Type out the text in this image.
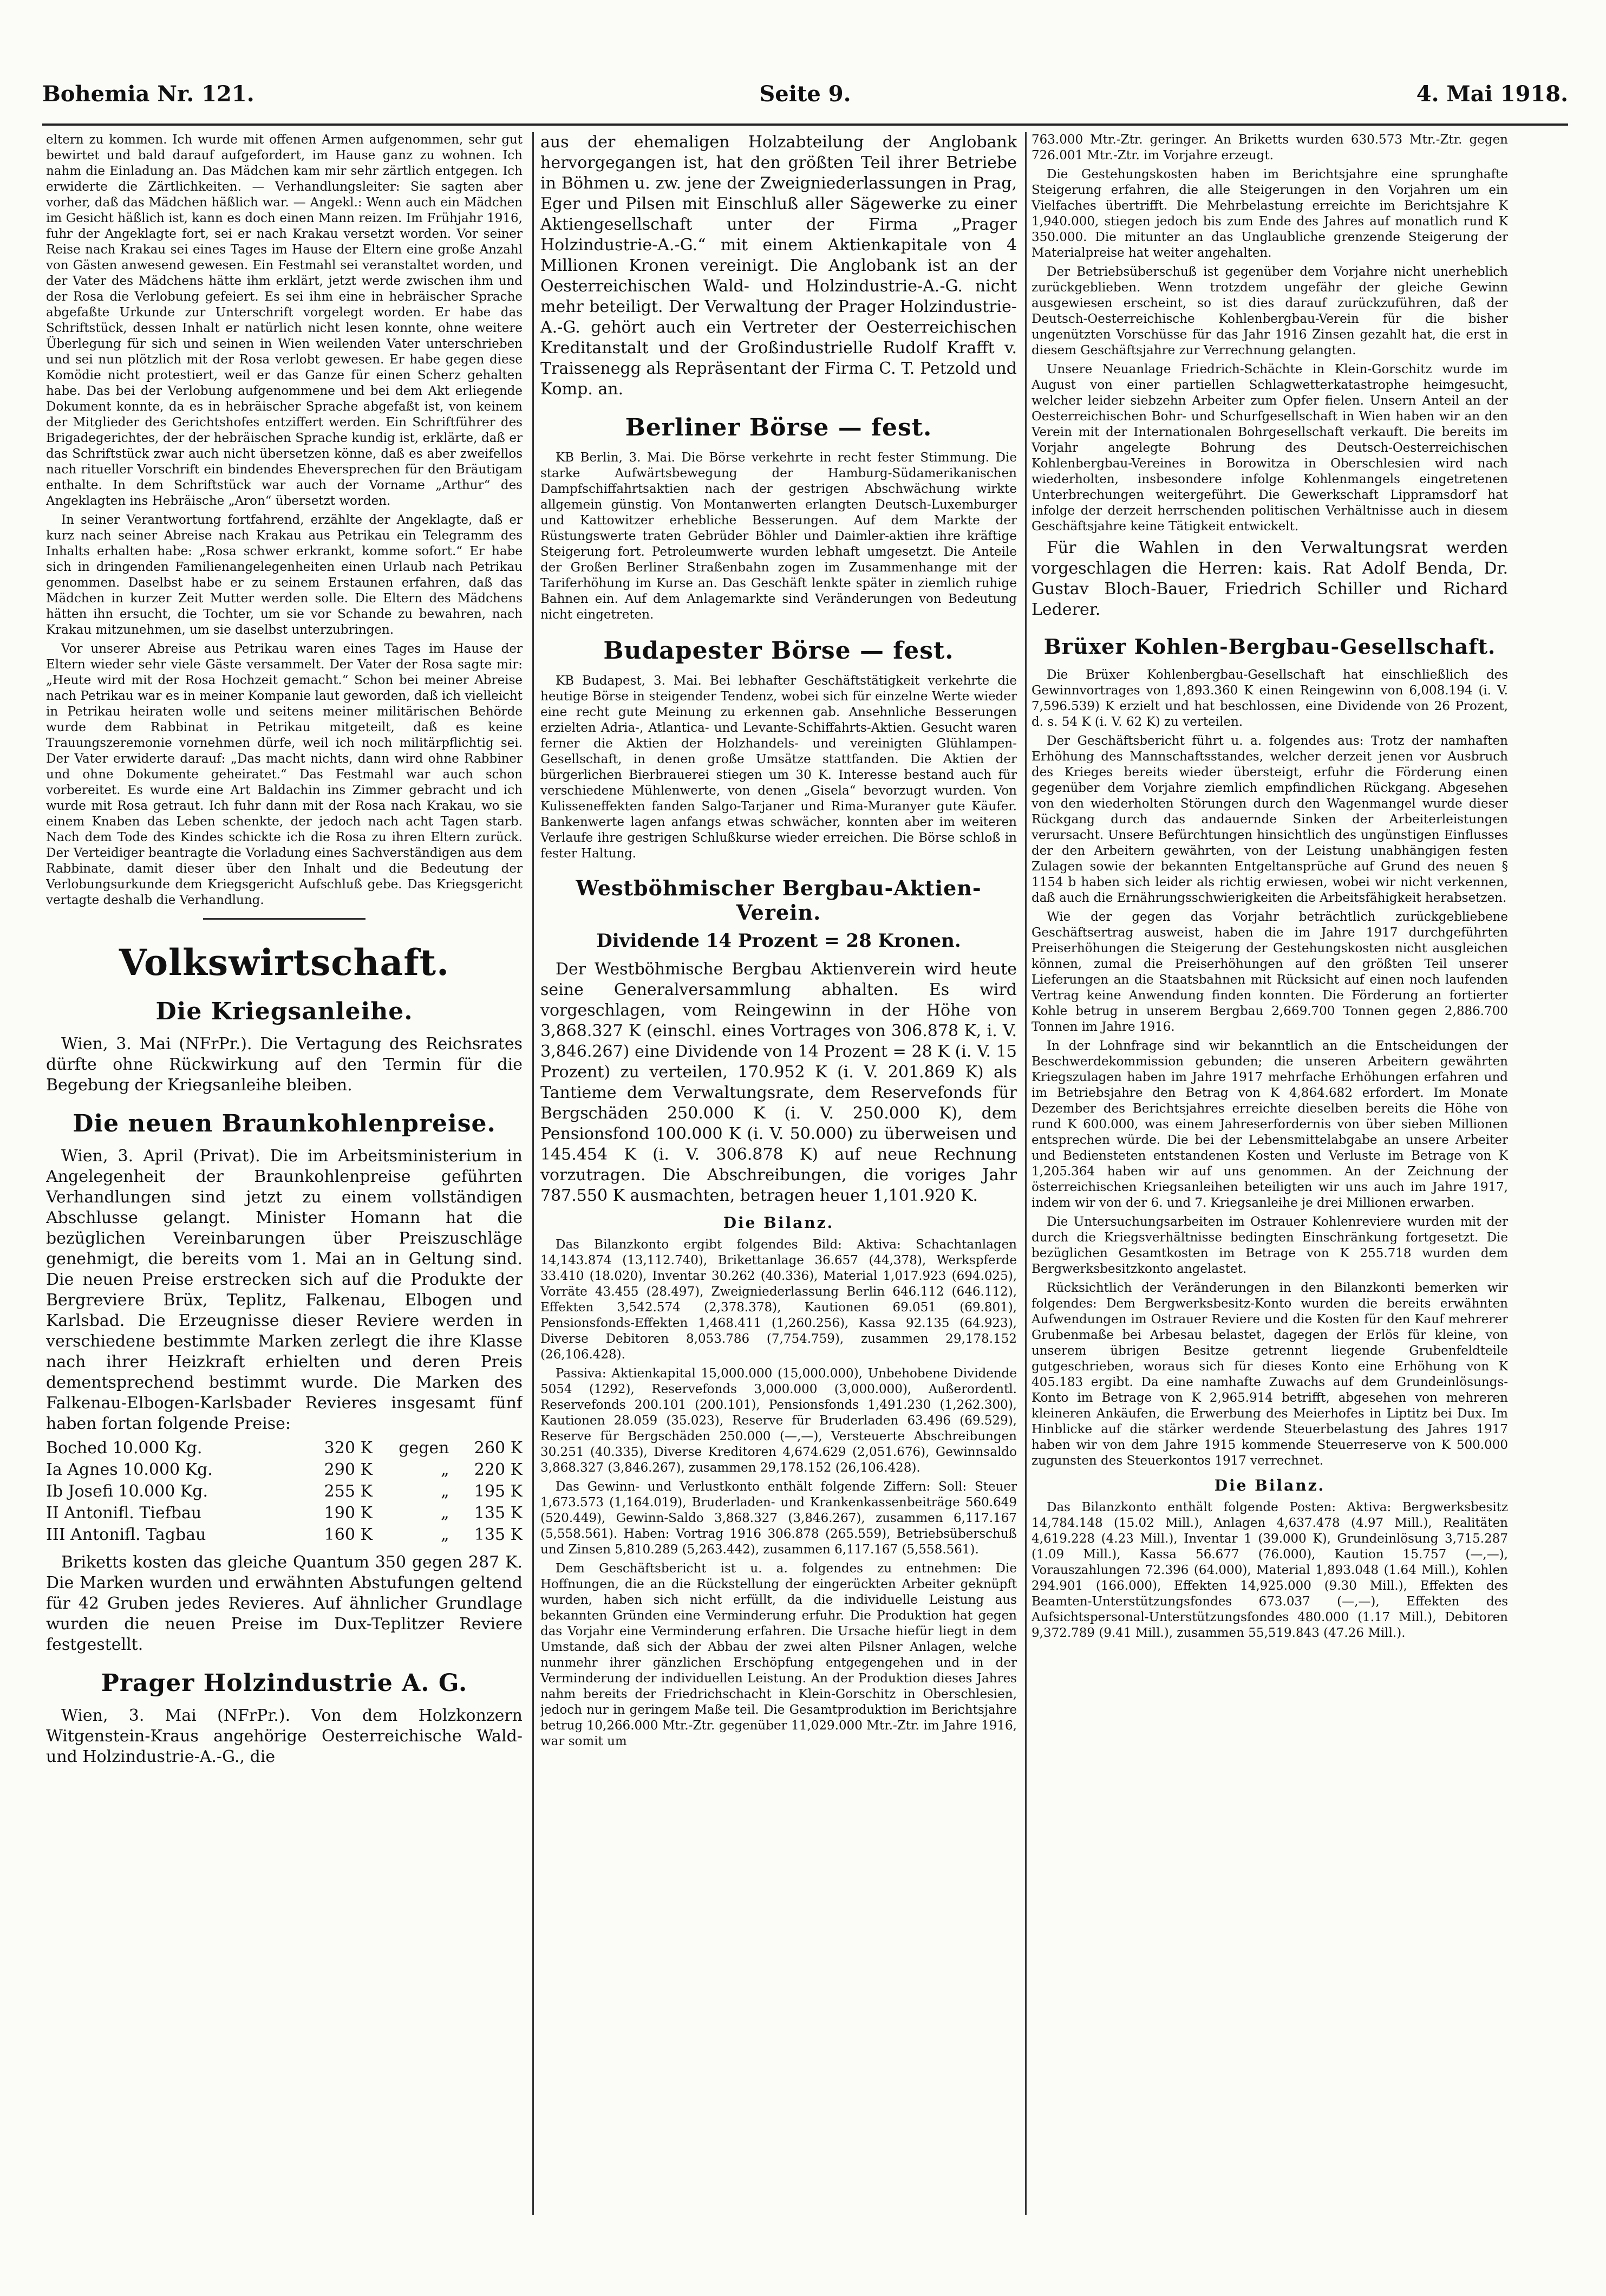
Bohemia Nr. 121.	Seite 9.	4. Mai 1918.

eltern zu kommen. Ich wurde mit offenen Armen aufgenommen, sehr gut bewirtet und bald darauf aufgefordert, im Hause ganz zu wohnen. Ich nahm die Einladung an. Das Mädchen kam mir sehr zärtlich entgegen. Ich erwiderte die Zärtlichkeiten. — Verhandlungsleiter: Sie sagten aber vorher, daß das Mädchen häßlich war. — Angekl.: Wenn auch ein Mädchen im Gesicht häßlich ist, kann es doch einen Mann reizen. Im Frühjahr 1916, fuhr der Angeklagte fort, sei er nach Krakau versetzt worden. Vor seiner Reise nach Krakau sei eines Tages im Hause der Eltern eine große Anzahl von Gästen anwesend gewesen. Ein Festmahl sei veranstaltet worden, und der Vater des Mädchens hätte ihm erklärt, jetzt werde zwischen ihm und der Rosa die Verlobung gefeiert. Es sei ihm eine in hebräischer Sprache abgefaßte Urkunde zur Unterschrift vorgelegt worden. Er habe das Schriftstück, dessen Inhalt er natürlich nicht lesen konnte, ohne weitere Überlegung für sich und seinen in Wien weilenden Vater unterschrieben und sei nun plötzlich mit der Rosa verlobt gewesen. Er habe gegen diese Komödie nicht protestiert, weil er das Ganze für einen Scherz gehalten habe. Das bei der Verlobung aufgenommene und bei dem Akt erliegende Dokument konnte, da es in hebräischer Sprache abgefaßt ist, von keinem der Mitglieder des Gerichtshofes entziffert werden. Ein Schriftführer des Brigadegerichtes, der der hebräischen Sprache kundig ist, erklärte, daß er das Schriftstück zwar auch nicht übersetzen könne, daß es aber zweifellos nach ritueller Vorschrift ein bindendes Eheversprechen für den Bräutigam enthalte. In dem Schriftstück war auch der Vorname „Arthur“ des Angeklagten ins Hebräische „Aron“ übersetzt worden.

In seiner Verantwortung fortfahrend, erzählte der Angeklagte, daß er kurz nach seiner Abreise nach Krakau aus Petrikau ein Telegramm des Inhalts erhalten habe: „Rosa schwer erkrankt, komme sofort.“ Er habe sich in dringenden Familienangelegenheiten einen Urlaub nach Petrikau genommen. Daselbst habe er zu seinem Erstaunen erfahren, daß das Mädchen in kurzer Zeit Mutter werden solle. Die Eltern des Mädchens hätten ihn ersucht, die Tochter, um sie vor Schande zu bewahren, nach Krakau mitzunehmen, um sie daselbst unterzubringen.

Vor unserer Abreise aus Petrikau waren eines Tages im Hause der Eltern wieder sehr viele Gäste versammelt. Der Vater der Rosa sagte mir: „Heute wird mit der Rosa Hochzeit gemacht.“ Schon bei meiner Abreise nach Petrikau war es in meiner Kompanie laut geworden, daß ich vielleicht in Petrikau heiraten wolle und seitens meiner militärischen Behörde wurde dem Rabbinat in Petrikau mitgeteilt, daß es keine Trauungszeremonie vornehmen dürfe, weil ich noch militärpflichtig sei. Der Vater erwiderte darauf: „Das macht nichts, dann wird ohne Rabbiner und ohne Dokumente geheiratet.“ Das Festmahl war auch schon vorbereitet. Es wurde eine Art Baldachin ins Zimmer gebracht und ich wurde mit Rosa getraut. Ich fuhr dann mit der Rosa nach Krakau, wo sie einem Knaben das Leben schenkte, der jedoch nach acht Tagen starb. Nach dem Tode des Kindes schickte ich die Rosa zu ihren Eltern zurück. Der Verteidiger beantragte die Vorladung eines Sachverständigen aus dem Rabbinate, damit dieser über den Inhalt und die Bedeutung der Verlobungsurkunde dem Kriegsgericht Aufschluß gebe. Das Kriegsgericht vertagte deshalb die Verhandlung.

Volkswirtschaft.
Die Kriegsanleihe.

Wien, 3. Mai (NFrPr.). Die Vertagung des Reichsrates dürfte ohne Rückwirkung auf den Termin für die Begebung der Kriegsanleihe bleiben.

Die neuen Braunkohlenpreise.

Wien, 3. April (Privat). Die im Arbeitsministerium in Angelegenheit der Braunkohlenpreise geführten Verhandlungen sind jetzt zu einem vollständigen Abschlusse gelangt. Minister Homann hat die bezüglichen Vereinbarungen über Preiszuschläge genehmigt, die bereits vom 1. Mai an in Geltung sind. Die neuen Preise erstrecken sich auf die Produkte der Bergreviere Brüx, Teplitz, Falkenau, Elbogen und Karlsbad. Die Erzeugnisse dieser Reviere werden in verschiedene bestimmte Marken zerlegt die ihre Klasse nach ihrer Heizkraft erhielten und deren Preis dementsprechend bestimmt wurde. Die Marken des Falkenau-Elbogen-Karlsbader Revieres insgesamt fünf haben fortan folgende Preise:

Boched 10.000 Kg.	320 K	gegen	260 K
Ia Agnes 10.000 Kg.	290 K	„	220 K
Ib Josefi 10.000 Kg.	255 K	„	195 K
II Antonifl. Tiefbau	190 K	„	135 K
III Antonifl. Tagbau	160 K	„	135 K

Briketts kosten das gleiche Quantum 350 gegen 287 K. Die Marken wurden und erwähnten Abstufungen geltend für 42 Gruben jedes Revieres. Auf ähnlicher Grundlage wurden die neuen Preise im Dux-Teplitzer Reviere festgestellt.

Prager Holzindustrie A. G.

Wien, 3. Mai (NFrPr.). Von dem Holzkonzern Witgenstein-Kraus angehörige Oesterreichische Wald- und Holzindustrie-A.-G., die

aus der ehemaligen Holzabteilung der Anglobank hervorgegangen ist, hat den größten Teil ihrer Betriebe in Böhmen u. zw. jene der Zweigniederlassungen in Prag, Eger und Pilsen mit Einschluß aller Sägewerke zu einer Aktiengesellschaft unter der Firma „Prager Holzindustrie-A.-G.“ mit einem Aktienkapitale von 4 Millionen Kronen vereinigt. Die Anglobank ist an der Oesterreichischen Wald- und Holzindustrie-A.-G. nicht mehr beteiligt. Der Verwaltung der Prager Holzindustrie-A.-G. gehört auch ein Vertreter der Oesterreichischen Kreditanstalt und der Großindustrielle Rudolf Krafft v. Traissenegg als Repräsentant der Firma C. T. Petzold und Komp. an.

Berliner Börse — fest.

KB Berlin, 3. Mai. Die Börse verkehrte in recht fester Stimmung. Die starke Aufwärtsbewegung der Hamburg-Südamerikanischen Dampfschiffahrtsaktien nach der gestrigen Abschwächung wirkte allgemein günstig. Von Montanwerten erlangten Deutsch-Luxemburger und Kattowitzer erhebliche Besserungen. Auf dem Markte der Rüstungswerte traten Gebrüder Böhler und Daimler-aktien ihre kräftige Steigerung fort. Petroleumwerte wurden lebhaft umgesetzt. Die Anteile der Großen Berliner Straßenbahn zogen im Zusammenhange mit der Tariferhöhung im Kurse an. Das Geschäft lenkte später in ziemlich ruhige Bahnen ein. Auf dem Anlagemarkte sind Veränderungen von Bedeutung nicht eingetreten.

Budapester Börse — fest.

KB Budapest, 3. Mai. Bei lebhafter Geschäftstätigkeit verkehrte die heutige Börse in steigender Tendenz, wobei sich für einzelne Werte wieder eine recht gute Meinung zu erkennen gab. Ansehnliche Besserungen erzielten Adria-, Atlantica- und Levante-Schiffahrts-Aktien. Gesucht waren ferner die Aktien der Holzhandels- und vereinigten Glühlampen-Gesellschaft, in denen große Umsätze stattfanden. Die Aktien der bürgerlichen Bierbrauerei stiegen um 30 K. Interesse bestand auch für verschiedene Mühlenwerte, von denen „Gisela“ bevorzugt wurden. Von Kulisseneffekten fanden Salgo-Tarjaner und Rima-Muranyer gute Käufer. Bankenwerte lagen anfangs etwas schwächer, konnten aber im weiteren Verlaufe ihre gestrigen Schlußkurse wieder erreichen. Die Börse schloß in fester Haltung.

Westböhmischer Bergbau-Aktien-Verein.
Dividende 14 Prozent = 28 Kronen.

Der Westböhmische Bergbau Aktienverein wird heute seine Generalversammlung abhalten. Es wird vorgeschlagen, vom Reingewinn in der Höhe von 3,868.327 K (einschl. eines Vortrages von 306.878 K, i. V. 3,846.267) eine Dividende von 14 Prozent = 28 K (i. V. 15 Prozent) zu verteilen, 170.952 K (i. V. 201.869 K) als Tantieme dem Verwaltungsrate, dem Reservefonds für Bergschäden 250.000 K (i. V. 250.000 K), dem Pensionsfond 100.000 K (i. V. 50.000) zu überweisen und 145.454 K (i. V. 306.878 K) auf neue Rechnung vorzutragen. Die Abschreibungen, die voriges Jahr 787.550 K ausmachten, betragen heuer 1,101.920 K.

Die Bilanz.

Das Bilanzkonto ergibt folgendes Bild: Aktiva: Schachtanlagen 14,143.874 (13,112.740), Brikettanlage 36.657 (44,378), Werkspferde 33.410 (18.020), Inventar 30.262 (40.336), Material 1,017.923 (694.025), Vorräte 43.455 (28.497), Zweigniederlassung Berlin 646.112 (646.112), Effekten 3,542.574 (2,378.378), Kautionen 69.051 (69.801), Pensionsfonds-Effekten 1,468.411 (1,260.256), Kassa 92.135 (64.923), Diverse Debitoren 8,053.786 (7,754.759), zusammen 29,178.152 (26,106.428).

Passiva: Aktienkapital 15,000.000 (15,000.000), Unbehobene Dividende 5054 (1292), Reservefonds 3,000.000 (3,000.000), Außerordentl. Reservefonds 200.101 (200.101), Pensionsfonds 1,491.230 (1,262.300), Kautionen 28.059 (35.023), Reserve für Bruderladen 63.496 (69.529), Reserve für Bergschäden 250.000 (—,—), Versteuerte Abschreibungen 30.251 (40.335), Diverse Kreditoren 4,674.629 (2,051.676), Gewinnsaldo 3,868.327 (3,846.267), zusammen 29,178.152 (26,106.428).

Das Gewinn- und Verlustkonto enthält folgende Ziffern: Soll: Steuer 1,673.573 (1,164.019), Bruderladen- und Krankenkassenbeiträge 560.649 (520.449), Gewinn-Saldo 3,868.327 (3,846.267), zusammen 6,117.167 (5,558.561). Haben: Vortrag 1916 306.878 (265.559), Betriebsüberschuß und Zinsen 5,810.289 (5,263.442), zusammen 6,117.167 (5,558.561).

Dem Geschäftsbericht ist u. a. folgendes zu entnehmen: Die Hoffnungen, die an die Rückstellung der eingerückten Arbeiter geknüpft wurden, haben sich nicht erfüllt, da die individuelle Leistung aus bekannten Gründen eine Verminderung erfuhr. Die Produktion hat gegen das Vorjahr eine Verminderung erfahren. Die Ursache hiefür liegt in dem Umstande, daß sich der Abbau der zwei alten Pilsner Anlagen, welche nunmehr ihrer gänzlichen Erschöpfung entgegengehen und in der Verminderung der individuellen Leistung. An der Produktion dieses Jahres nahm bereits der Friedrichschacht in Klein-Gorschitz in Oberschlesien, jedoch nur in geringem Maße teil. Die Gesamtproduktion im Berichtsjahre betrug 10,266.000 Mtr.-Ztr. gegenüber 11,029.000 Mtr.-Ztr. im Jahre 1916, war somit um

763.000 Mtr.-Ztr. geringer. An Briketts wurden 630.573 Mtr.-Ztr. gegen 726.001 Mtr.-Ztr. im Vorjahre erzeugt.

Die Gestehungskosten haben im Berichtsjahre eine sprunghafte Steigerung erfahren, die alle Steigerungen in den Vorjahren um ein Vielfaches übertrifft. Die Mehrbelastung erreichte im Berichtsjahre K 1,940.000, stiegen jedoch bis zum Ende des Jahres auf monatlich rund K 350.000. Die mitunter an das Unglaubliche grenzende Steigerung der Materialpreise hat weiter angehalten.

Der Betriebsüberschuß ist gegenüber dem Vorjahre nicht unerheblich zurückgeblieben. Wenn trotzdem ungefähr der gleiche Gewinn ausgewiesen erscheint, so ist dies darauf zurückzuführen, daß der Deutsch-Oesterreichische Kohlenbergbau-Verein für die bisher ungenützten Vorschüsse für das Jahr 1916 Zinsen gezahlt hat, die erst in diesem Geschäftsjahre zur Verrechnung gelangten.

Unsere Neuanlage Friedrich-Schächte in Klein-Gorschitz wurde im August von einer partiellen Schlagwetterkatastrophe heimgesucht, welcher leider siebzehn Arbeiter zum Opfer fielen. Unsern Anteil an der Oesterreichischen Bohr- und Schurfgesellschaft in Wien haben wir an den Verein mit der Internationalen Bohrgesellschaft verkauft. Die bereits im Vorjahr angelegte Bohrung des Deutsch-Oesterreichischen Kohlenbergbau-Vereines in Borowitza in Oberschlesien wird nach wiederholten, insbesondere infolge Kohlenmangels eingetretenen Unterbrechungen weitergeführt. Die Gewerkschaft Lippramsdorf hat infolge der derzeit herrschenden politischen Verhältnisse auch in diesem Geschäftsjahre keine Tätigkeit entwickelt.

Für die Wahlen in den Verwaltungsrat werden vorgeschlagen die Herren: kais. Rat Adolf Benda, Dr. Gustav Bloch-Bauer, Friedrich Schiller und Richard Lederer.

Brüxer Kohlen-Bergbau-Gesellschaft.

Die Brüxer Kohlenbergbau-Gesellschaft hat einschließlich des Gewinnvortrages von 1,893.360 K einen Reingewinn von 6,008.194 (i. V. 7,596.539) K erzielt und hat beschlossen, eine Dividende von 26 Prozent, d. s. 54 K (i. V. 62 K) zu verteilen.

Der Geschäftsbericht führt u. a. folgendes aus: Trotz der namhaften Erhöhung des Mannschaftsstandes, welcher derzeit jenen vor Ausbruch des Krieges bereits wieder übersteigt, erfuhr die Förderung einen gegenüber dem Vorjahre ziemlich empfindlichen Rückgang. Abgesehen von den wiederholten Störungen durch den Wagenmangel wurde dieser Rückgang durch das andauernde Sinken der Arbeiterleistungen verursacht. Unsere Befürchtungen hinsichtlich des ungünstigen Einflusses der den Arbeitern gewährten, von der Leistung unabhängigen festen Zulagen sowie der bekannten Entgeltansprüche auf Grund des neuen § 1154 b haben sich leider als richtig erwiesen, wobei wir nicht verkennen, daß auch die Ernährungsschwierigkeiten die Arbeitsfähigkeit herabsetzen.

Wie der gegen das Vorjahr beträchtlich zurückgebliebene Geschäftsertrag ausweist, haben die im Jahre 1917 durchgeführten Preiserhöhungen die Steigerung der Gestehungskosten nicht ausgleichen können, zumal die Preiserhöhungen auf den größten Teil unserer Lieferungen an die Staatsbahnen mit Rücksicht auf einen noch laufenden Vertrag keine Anwendung finden konnten. Die Förderung an fortierter Kohle betrug in unserem Bergbau 2,669.700 Tonnen gegen 2,886.700 Tonnen im Jahre 1916.

In der Lohnfrage sind wir bekanntlich an die Entscheidungen der Beschwerdekommission gebunden; die unseren Arbeitern gewährten Kriegszulagen haben im Jahre 1917 mehrfache Erhöhungen erfahren und im Betriebsjahre den Betrag von K 4,864.682 erfordert. Im Monate Dezember des Berichtsjahres erreichte dieselben bereits die Höhe von rund K 600.000, was einem Jahreserfordernis von über sieben Millionen entsprechen würde. Die bei der Lebensmittelabgabe an unsere Arbeiter und Bediensteten entstandenen Kosten und Verluste im Betrage von K 1,205.364 haben wir auf uns genommen. An der Zeichnung der österreichischen Kriegsanleihen beteiligten wir uns auch im Jahre 1917, indem wir von der 6. und 7. Kriegsanleihe je drei Millionen erwarben.

Die Untersuchungsarbeiten im Ostrauer Kohlenreviere wurden mit der durch die Kriegsverhältnisse bedingten Einschränkung fortgesetzt. Die bezüglichen Gesamtkosten im Betrage von K 255.718 wurden dem Bergwerksbesitzkonto angelastet.

Rücksichtlich der Veränderungen in den Bilanzkonti bemerken wir folgendes: Dem Bergwerksbesitz-Konto wurden die bereits erwähnten Aufwendungen im Ostrauer Reviere und die Kosten für den Kauf mehrerer Grubenmaße bei Arbesau belastet, dagegen der Erlös für kleine, von unserem übrigen Besitze getrennt liegende Grubenfeldteile gutgeschrieben, woraus sich für dieses Konto eine Erhöhung von K 405.183 ergibt. Da eine namhafte Zuwachs auf dem Grundeinlösungs-Konto im Betrage von K 2,965.914 betrifft, abgesehen von mehreren kleineren Ankäufen, die Erwerbung des Meierhofes in Liptitz bei Dux. Im Hinblicke auf die stärker werdende Steuerbelastung des Jahres 1917 haben wir von dem Jahre 1915 kommende Steuerreserve von K 500.000 zugunsten des Steuerkontos 1917 verrechnet.

Die Bilanz.

Das Bilanzkonto enthält folgende Posten: Aktiva: Bergwerksbesitz 14,784.148 (15.02 Mill.), Anlagen 4,637.478 (4.97 Mill.), Realitäten 4,619.228 (4.23 Mill.), Inventar 1 (39.000 K), Grundeinlösung 3,715.287 (1.09 Mill.), Kassa 56.677 (76.000), Kaution 15.757 (—,—), Vorauszahlungen 72.396 (64.000), Material 1,893.048 (1.64 Mill.), Kohlen 294.901 (166.000), Effekten 14,925.000 (9.30 Mill.), Effekten des Beamten-Unterstützungsfondes 673.037 (—,—), Effekten des Aufsichtspersonal-Unterstützungsfondes 480.000 (1.17 Mill.), Debitoren 9,372.789 (9.41 Mill.), zusammen 55,519.843 (47.26 Mill.).
